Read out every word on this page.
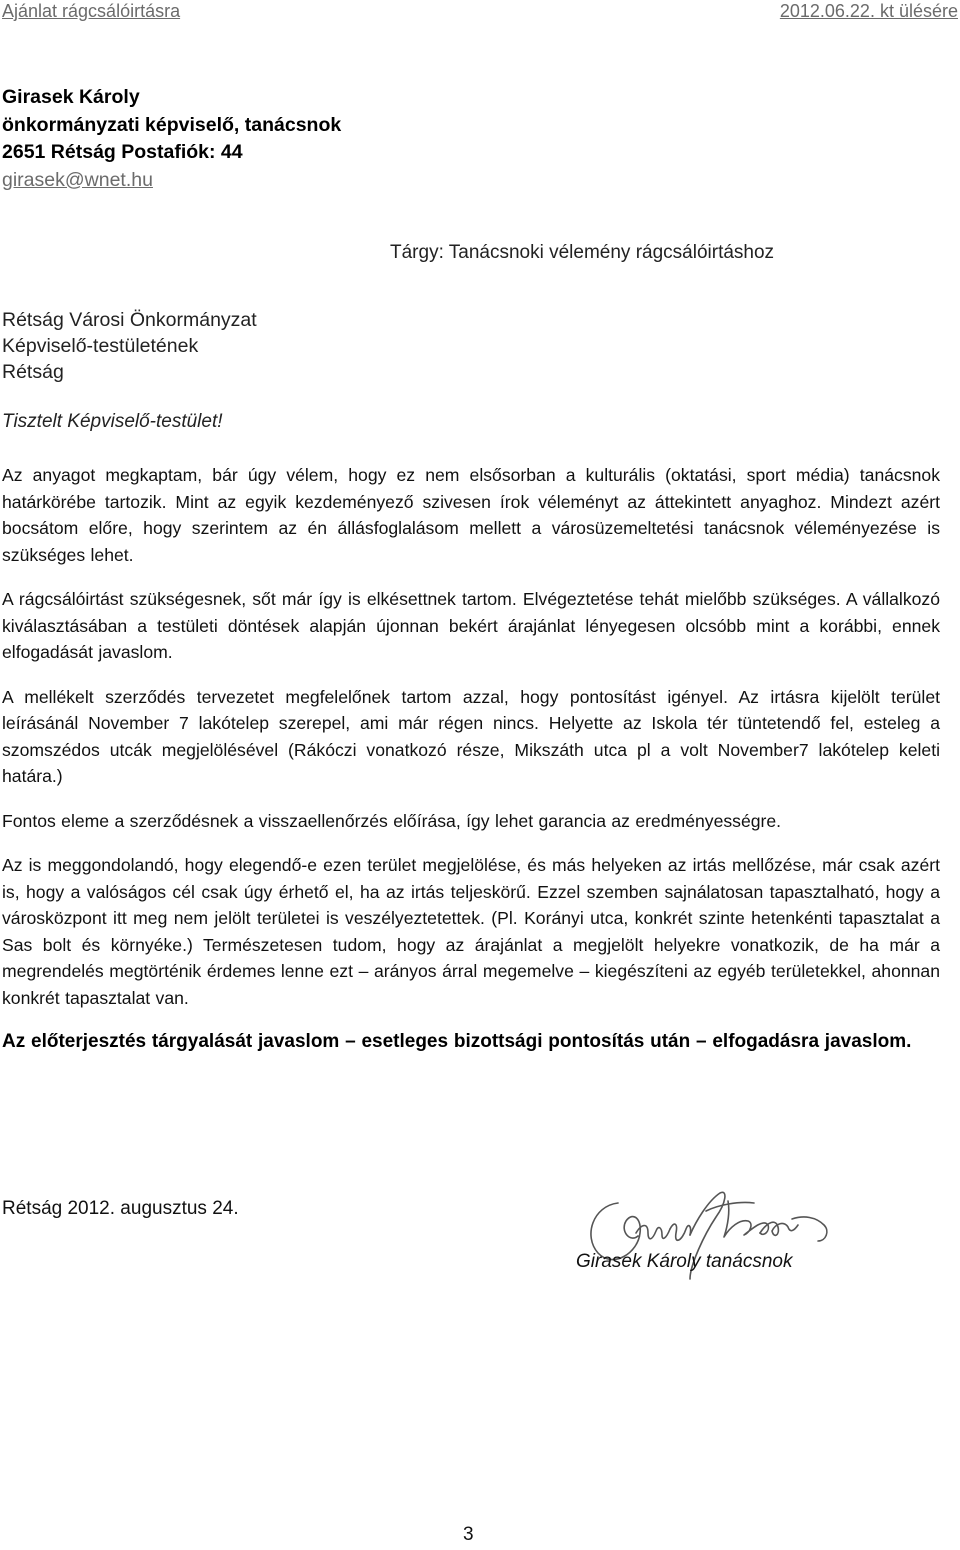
Ajánlat rágcsálóirtásra	2012.06.22. kt ülésére
Girasek Károly
önkormányzati képviselő, tanácsnok
2651 Rétság Postafiók: 44
girasek@wnet.hu
Tárgy: Tanácsnoki vélemény rágcsálóirtáshoz
Rétság Városi Önkormányzat
Képviselő-testületének
Rétság
Tisztelt Képviselő-testület!

Az anyagot megkaptam, bár úgy vélem, hogy ez nem elsősorban a kulturális (oktatási, sport média) tanácsnok határkörébe tartozik. Mint az egyik kezdeményező szivesen írok véleményt az áttekintett anyaghoz. Mindezt azért bocsátom előre, hogy szerintem az én állásfoglalásom mellett a városüzemeltetési tanácsnok véleményezése is szükséges lehet.

A rágcsálóirtást szükségesnek, sőt már így is elkésettnek tartom. Elvégeztetése tehát mielőbb szükséges. A vállalkozó kiválasztásában a testületi döntések alapján újonnan bekért árajánlat lényegesen olcsóbb mint a korábbi, ennek elfogadását javaslom.

A mellékelt szerződés tervezetet megfelelőnek tartom azzal, hogy pontosítást igényel. Az irtásra kijelölt terület leírásánál November 7 lakótelep szerepel, ami már régen nincs. Helyette az Iskola tér tüntetendő fel, esteleg a szomszédos utcák megjelölésével (Rákóczi vonatkozó része, Mikszáth utca pl a volt November7 lakótelep keleti határa.)

Fontos eleme a szerződésnek a visszaellenőrzés előírása, így lehet garancia az eredményességre.

Az is meggondolandó, hogy elegendő-e ezen terület megjelölése, és más helyeken az irtás mellőzése, már csak azért is, hogy a valóságos cél csak úgy érhető el, ha az irtás teljeskörű. Ezzel szemben sajnálatosan tapasztalható, hogy a városközpont itt meg nem jelölt területei is veszélyeztetettek. (Pl. Korányi utca, konkrét szinte hetenkénti tapasztalat a Sas bolt és környéke.) Természetesen tudom, hogy az árajánlat a megjelölt helyekre vonatkozik, de ha már a megrendelés megtörténik érdemes lenne ezt – arányos árral megemelve – kiegészíteni az egyéb területekkel, ahonnan konkrét tapasztalat van.

Az előterjesztés tárgyalását javaslom – esetleges bizottsági pontosítás után – elfogadásra javaslom.

Rétság 2012. augusztus 24.
Girasek Károly tanácsnok
3
